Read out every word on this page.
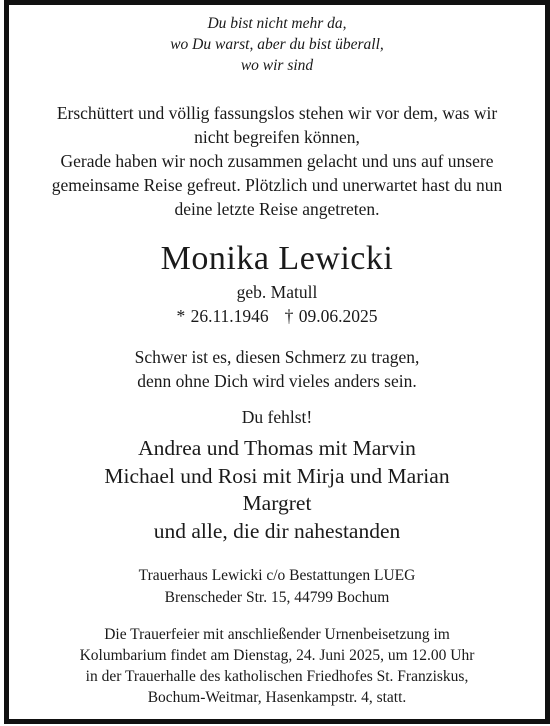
Du bist nicht mehr da,
wo Du warst, aber du bist überall,
wo wir sind
Erschüttert und völlig fassungslos stehen wir vor dem, was wir
nicht begreifen können,
Gerade haben wir noch zusammen gelacht und uns auf unsere
gemeinsame Reise gefreut. Plötzlich und unerwartet hast du nun
deine letzte Reise angetreten.
Monika Lewicki
geb. Matull
* 26.11.1946 † 09.06.2025
Schwer ist es, diesen Schmerz zu tragen,
denn ohne Dich wird vieles anders sein.
Du fehlst!
Andrea und Thomas mit Marvin
Michael und Rosi mit Mirja und Marian
Margret
und alle, die dir nahestanden
Trauerhaus Lewicki c/o Bestattungen LUEG
Brenscheder Str. 15, 44799 Bochum
Die Trauerfeier mit anschließender Urnenbeisetzung im
Kolumbarium findet am Dienstag, 24. Juni 2025, um 12.00 Uhr
in der Trauerhalle des katholischen Friedhofes St. Franziskus,
Bochum-Weitmar, Hasenkampstr. 4, statt.
